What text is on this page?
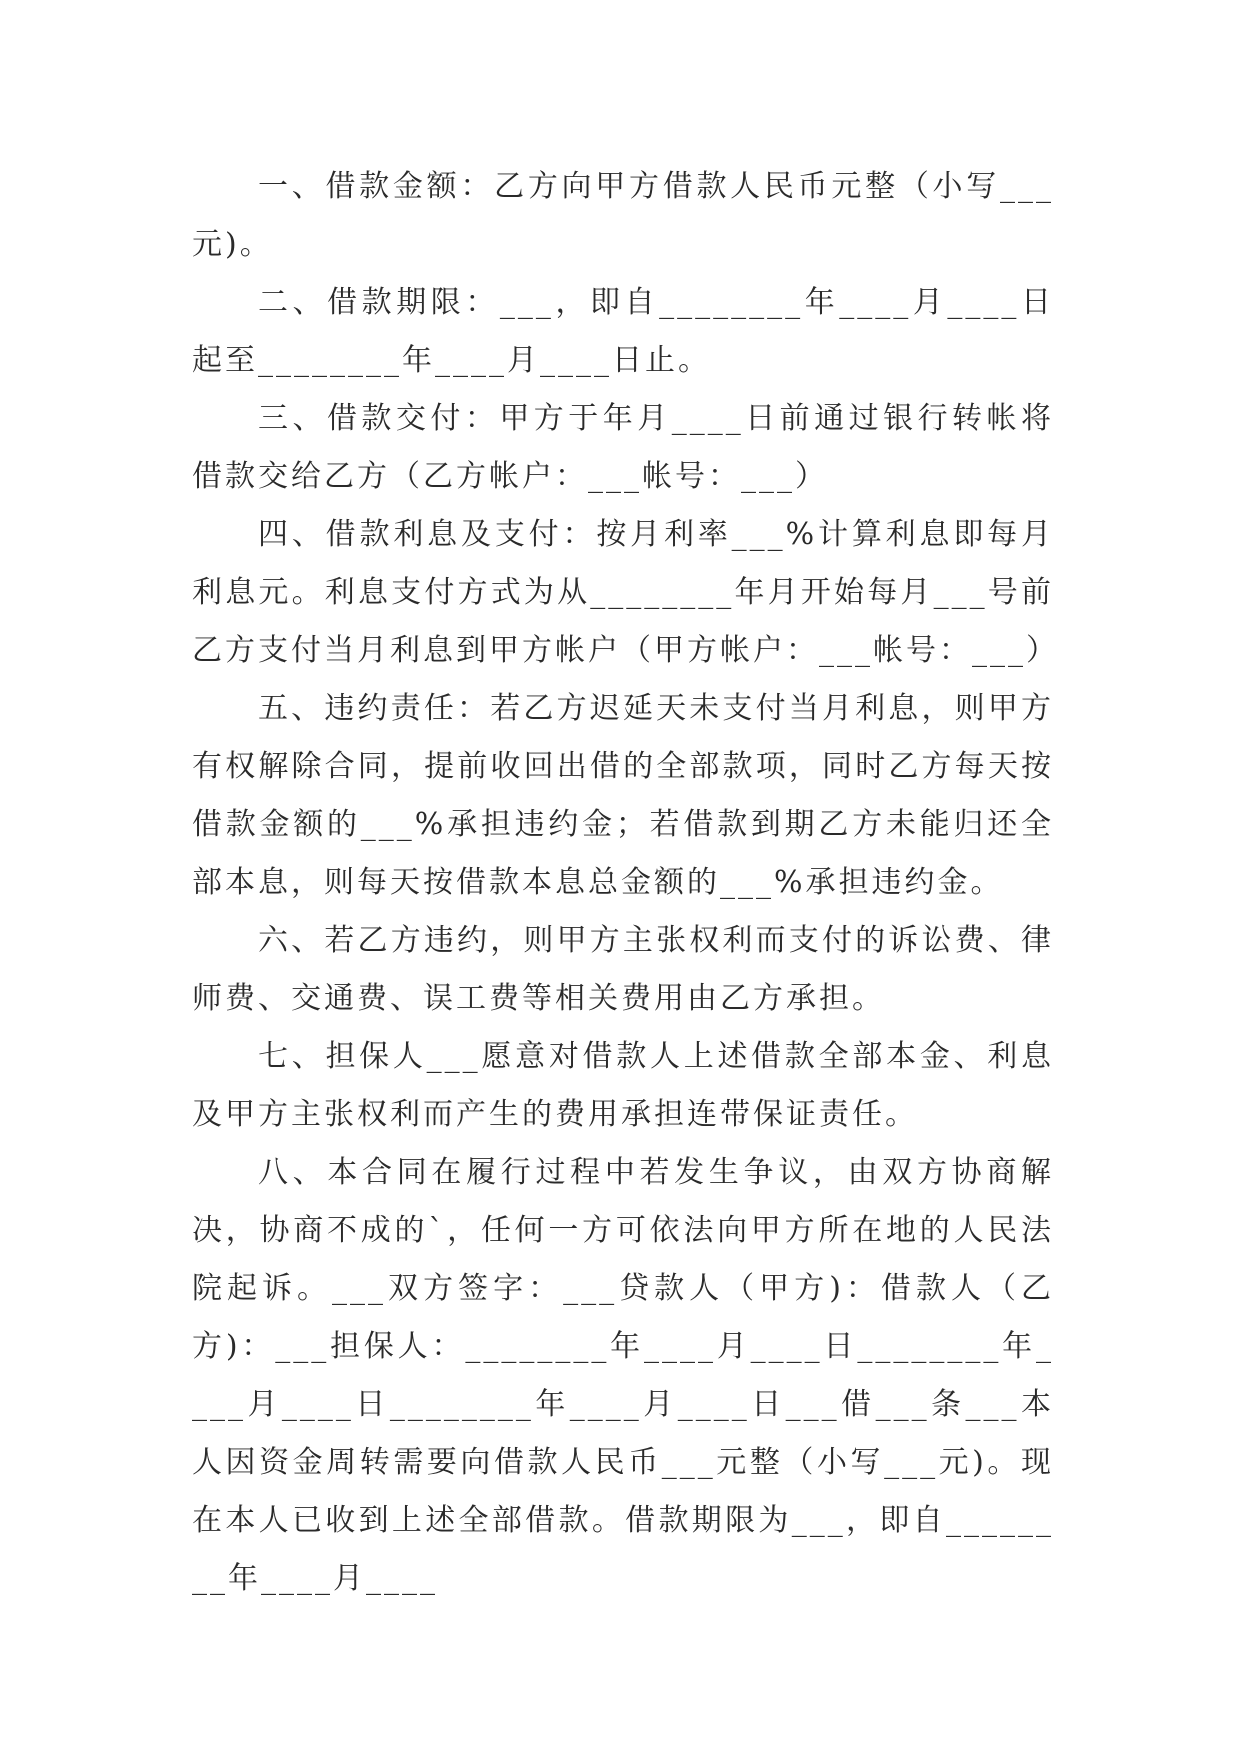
一、借款金额：乙方向甲方借款人民币元整（小写___元)。

二、借款期限：___，即自________年____月____日起至________年____月____日止。

三、借款交付：甲方于年月____日前通过银行转帐将借款交给乙方（乙方帐户：___帐号：___）

四、借款利息及支付：按月利率___%计算利息即每月利息元。利息支付方式为从________年月开始每月___号前乙方支付当月利息到甲方帐户（甲方帐户：___帐号：___）

五、违约责任：若乙方迟延天未支付当月利息，则甲方有权解除合同，提前收回出借的全部款项，同时乙方每天按借款金额的___%承担违约金；若借款到期乙方未能归还全部本息，则每天按借款本息总金额的___%承担违约金。

六、若乙方违约，则甲方主张权利而支付的诉讼费、律师费、交通费、误工费等相关费用由乙方承担。

七、担保人___愿意对借款人上述借款全部本金、利息及甲方主张权利而产生的费用承担连带保证责任。

八、本合同在履行过程中若发生争议，由双方协商解决，协商不成的`，任何一方可依法向甲方所在地的人民法院起诉。___双方签字：___贷款人（甲方)：借款人（乙方)：___担保人：________年____月____日________年____月____日________年____月____日___借___条___本人因资金周转需要向借款人民币___元整（小写___元)。现在本人已收到上述全部借款。借款期限为___，即自________年____月____
